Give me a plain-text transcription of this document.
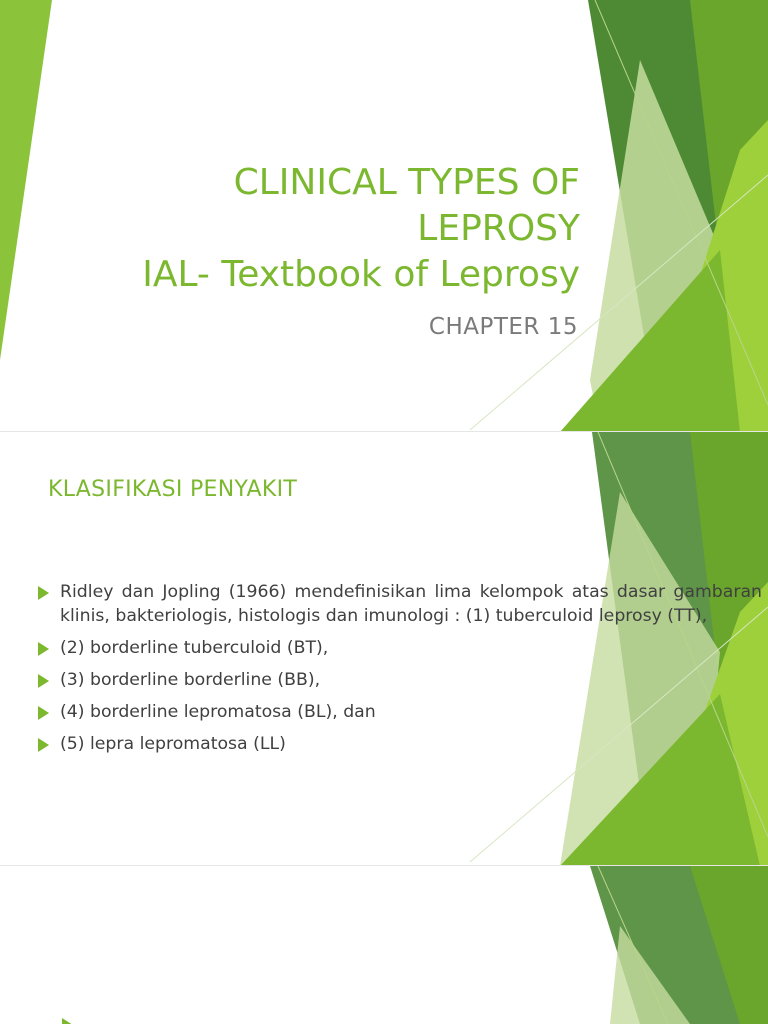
CLINICAL TYPES OF
LEPROSY
IAL- Textbook of Leprosy

CHAPTER 15

KLASIFIKASI PENYAKIT
Ridley dan Jopling (1966) mendefinisikan lima kelompok atas dasar gambaran klinis, bakteriologis, histologis dan imunologi : (1) tuberculoid leprosy (TT),
(2) borderline tuberculoid (BT),
(3) borderline borderline (BB),
(4) borderline lepromatosa (BL), dan
(5) lepra lepromatosa (LL)
